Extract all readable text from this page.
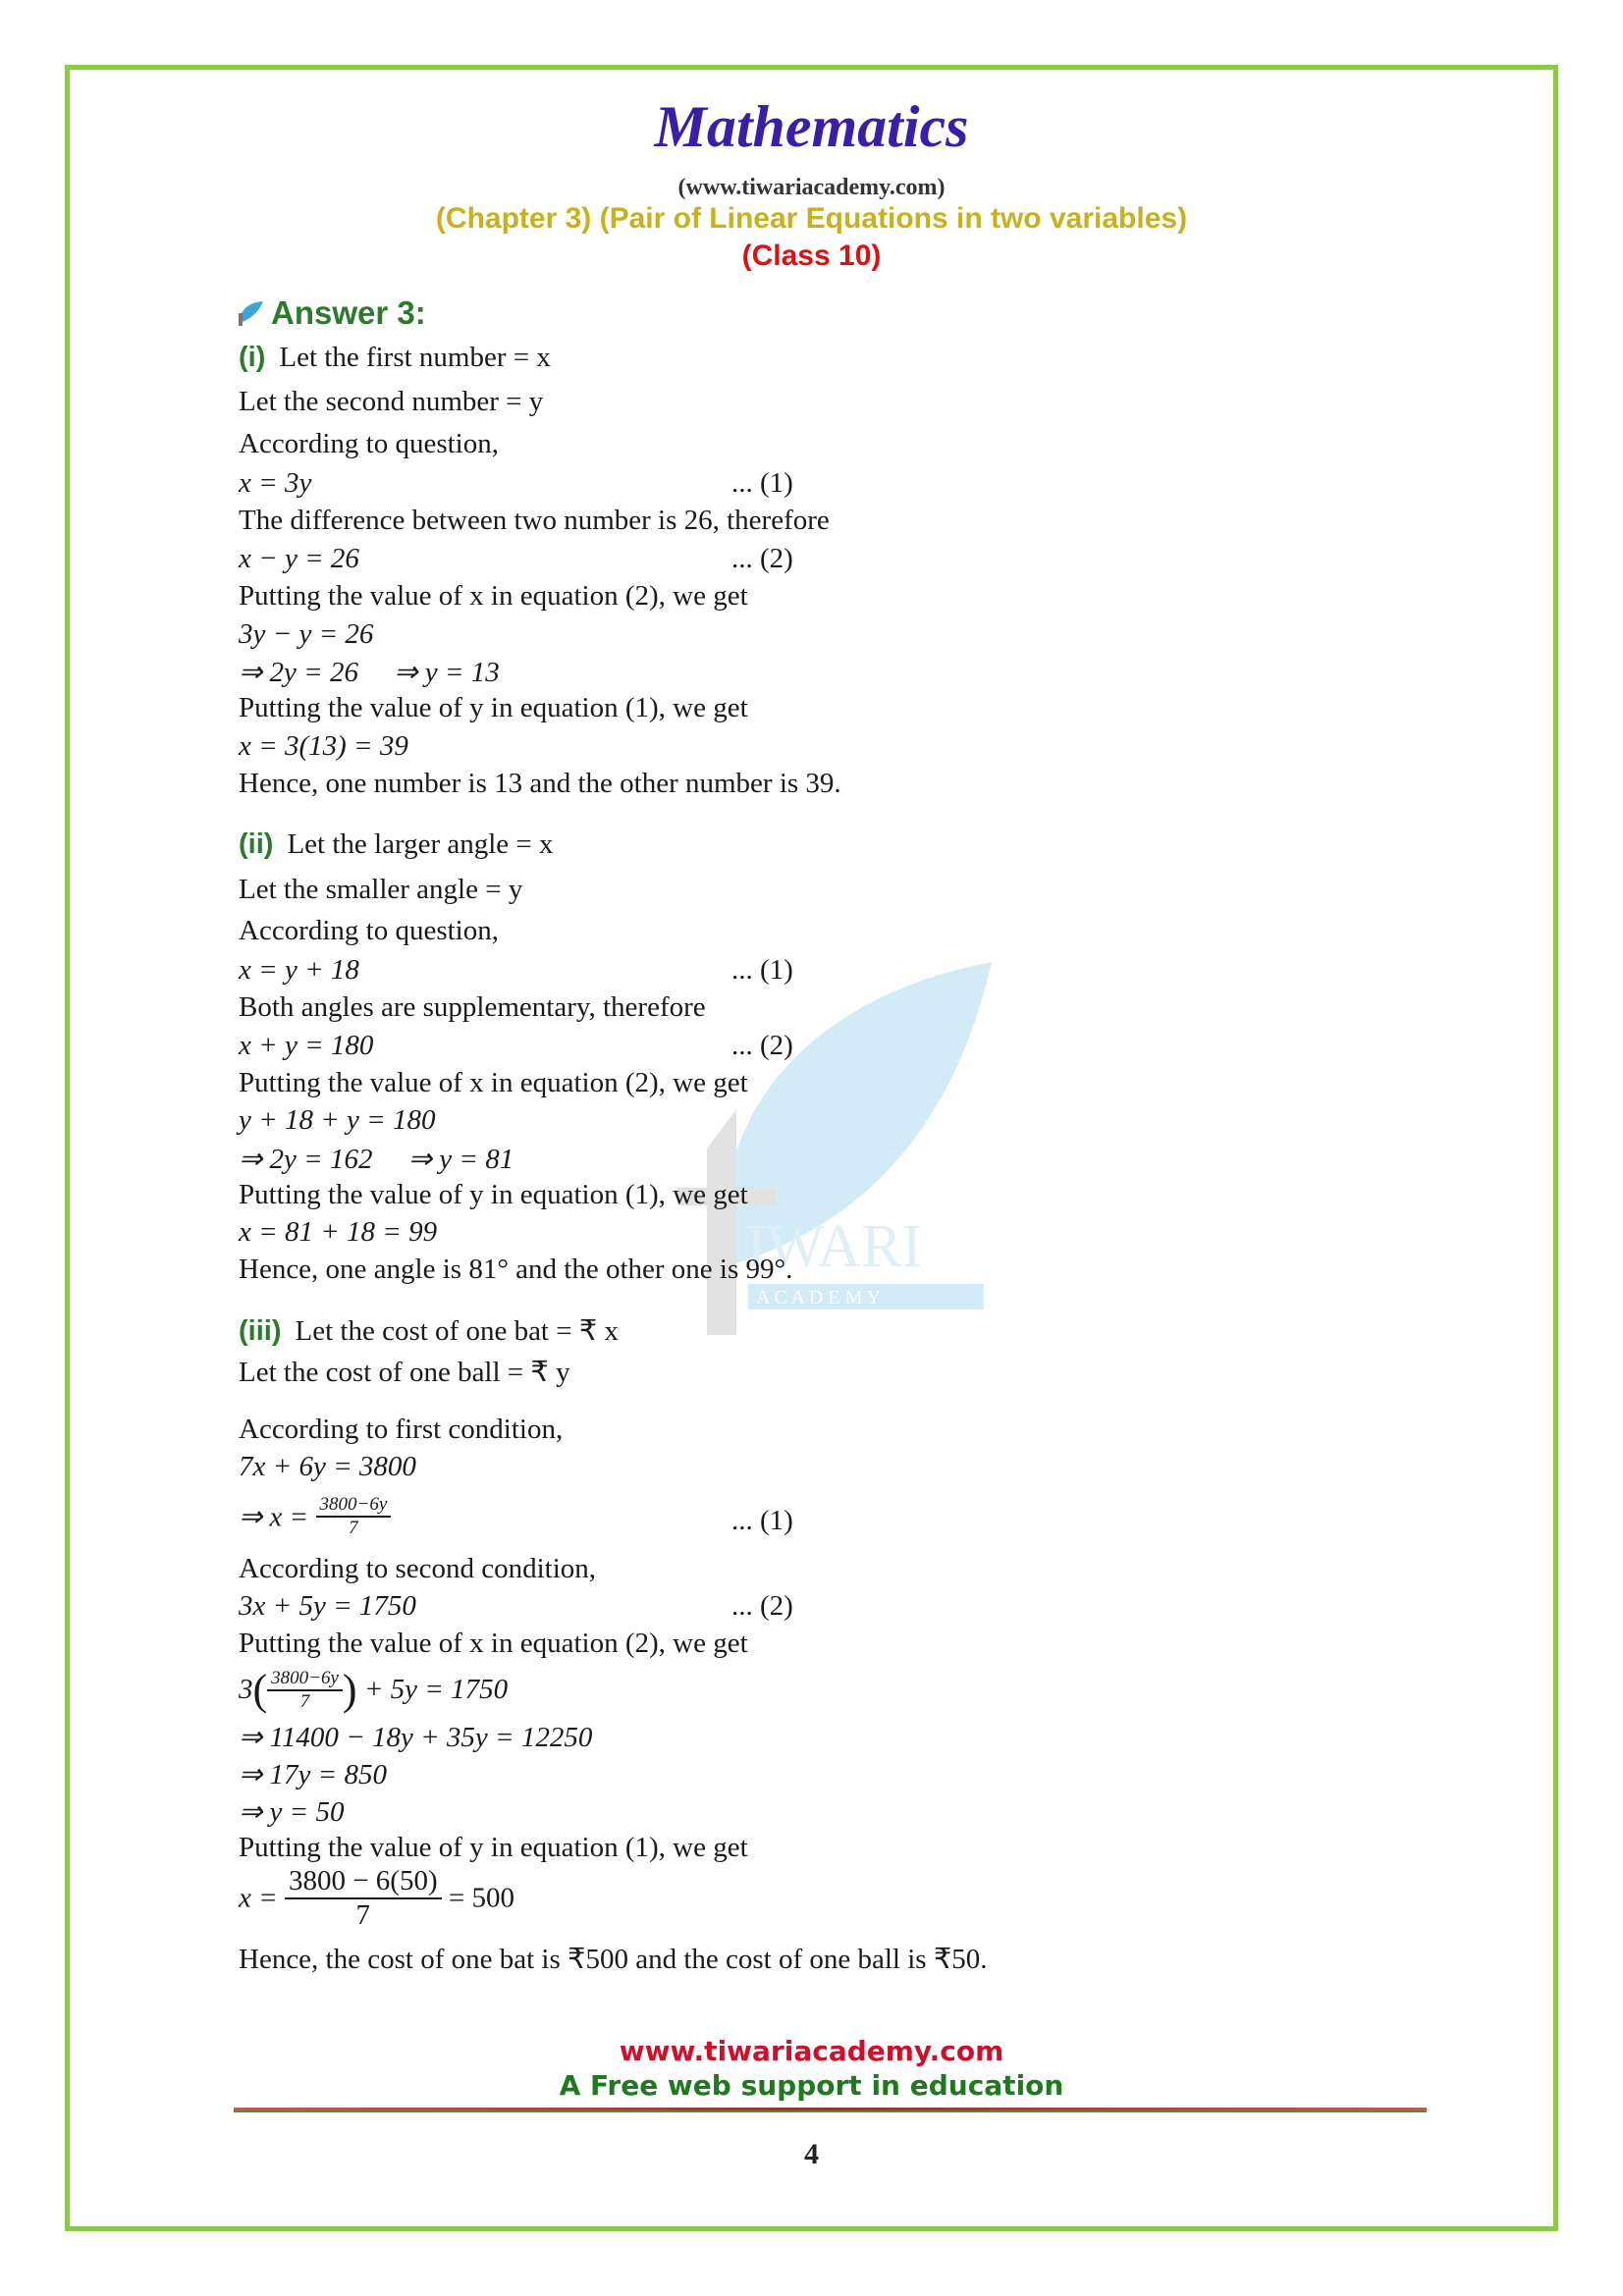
IWARI
A C A D E M Y
Mathematics
(www.tiwariacademy.com)
(Chapter 3) (Pair of Linear Equations in two variables)
(Class 10)
Answer 3:
(i) Let the first number = x
Let the second number = y
According to question,
x = 3y	... (1)
The difference between two number is 26, therefore
x − y = 26	... (2)
Putting the value of x in equation (2), we get
3y − y = 26
⇒ 2y = 26     ⇒ y = 13
Putting the value of y in equation (1), we get
x = 3(13) = 39
Hence, one number is 13 and the other number is 39.
(ii) Let the larger angle = x
Let the smaller angle = y
According to question,
x = y + 18	... (1)
Both angles are supplementary, therefore
x + y = 180	... (2)
Putting the value of x in equation (2), we get
y + 18 + y = 180
⇒ 2y = 162     ⇒ y = 81
Putting the value of y in equation (1), we get
x = 81 + 18 = 99
Hence, one angle is 81° and the other one is 99°.
(iii) Let the cost of one bat = ₹ x
Let the cost of one ball = ₹ y
According to first condition,
7x + 6y = 3800
⇒ $x = \frac{3800-6y}{7}$	... (1)
According to second condition,
3x + 5y = 1750	... (2)
Putting the value of x in equation (2), we get
$3( \frac{3800-6y}{7}$ ) + 5y = 1750
⇒ 11400 − 18y + 35y = 12250
⇒ 17y = 850
⇒ y = 50
Putting the value of y in equation (1), we get
$x = \frac{3800 - 6(50)}{7} = 500$
Hence, the cost of one bat is ₹500 and the cost of one ball is ₹50.
www.tiwariacademy.com
A Free web support in education
4
